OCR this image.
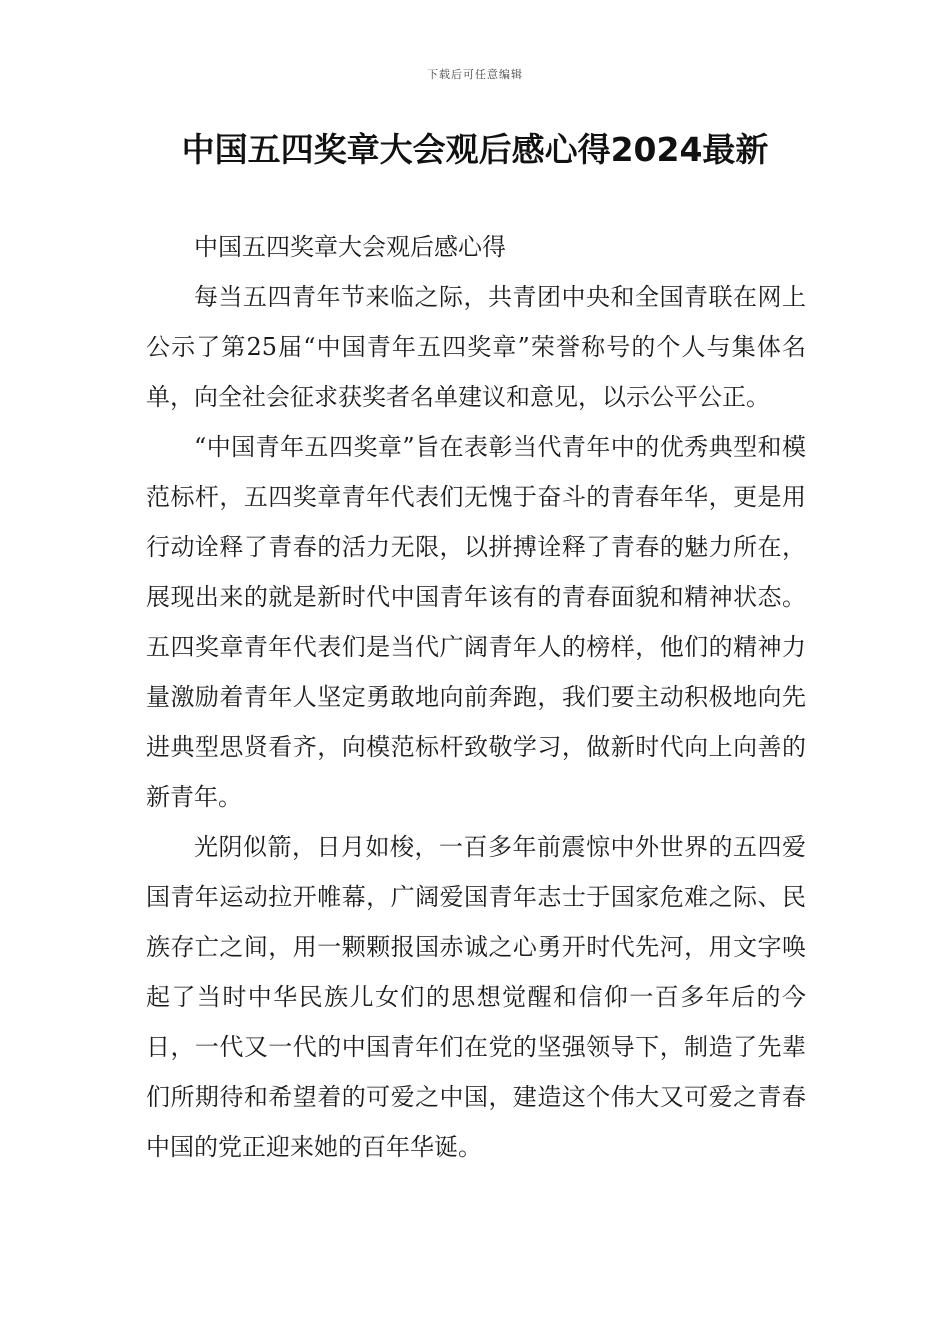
下载后可任意编辑
中国五四奖章大会观后感心得2024最新

中国五四奖章大会观后感心得

每当五四青年节来临之际，共青团中央和全国青联在网上公示了第25届“中国青年五四奖章”荣誉称号的个人与集体名单，向全社会征求获奖者名单建议和意见，以示公平公正。

“中国青年五四奖章”旨在表彰当代青年中的优秀典型和模范标杆，五四奖章青年代表们无愧于奋斗的青春年华，更是用行动诠释了青春的活力无限，以拼搏诠释了青春的魅力所在，展现出来的就是新时代中国青年该有的青春面貌和精神状态。五四奖章青年代表们是当代广阔青年人的榜样，他们的精神力量激励着青年人坚定勇敢地向前奔跑，我们要主动积极地向先进典型思贤看齐，向模范标杆致敬学习，做新时代向上向善的新青年。

光阴似箭，日月如梭，一百多年前震惊中外世界的五四爱国青年运动拉开帷幕，广阔爱国青年志士于国家危难之际、民族存亡之间，用一颗颗报国赤诚之心勇开时代先河，用文字唤起了当时中华民族儿女们的思想觉醒和信仰一百多年后的今日，一代又一代的中国青年们在党的坚强领导下，制造了先辈们所期待和希望着的可爱之中国，建造这个伟大又可爱之青春中国的党正迎来她的百年华诞。
